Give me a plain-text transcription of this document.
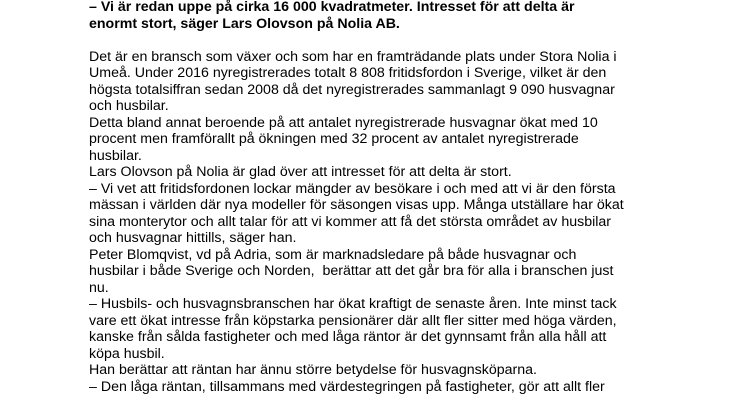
– Vi är redan uppe på cirka 16 000 kvadratmeter. Intresset för att delta är
enormt stort, säger Lars Olovson på Nolia AB.
Det är en bransch som växer och som har en framträdande plats under Stora Nolia i
Umeå. Under 2016 nyregistrerades totalt 8 808 fritidsfordon i Sverige, vilket är den
högsta totalsiffran sedan 2008 då det nyregistrerades sammanlagt 9 090 husvagnar
och husbilar.
Detta bland annat beroende på att antalet nyregistrerade husvagnar ökat med 10
procent men framförallt på ökningen med 32 procent av antalet nyregistrerade
husbilar.
Lars Olovson på Nolia är glad över att intresset för att delta är stort.
– Vi vet att fritidsfordonen lockar mängder av besökare i och med att vi är den första
mässan i världen där nya modeller för säsongen visas upp. Många utställare har ökat
sina monterytor och allt talar för att vi kommer att få det största området av husbilar
och husvagnar hittills, säger han.
Peter Blomqvist, vd på Adria, som är marknadsledare på både husvagnar och
husbilar i både Sverige och Norden,  berättar att det går bra för alla i branschen just
nu.
– Husbils- och husvagnsbranschen har ökat kraftigt de senaste åren. Inte minst tack
vare ett ökat intresse från köpstarka pensionärer där allt fler sitter med höga värden,
kanske från sålda fastigheter och med låga räntor är det gynnsamt från alla håll att
köpa husbil.
Han berättar att räntan har ännu större betydelse för husvagnsköparna.
– Den låga räntan, tillsammans med värdestegringen på fastigheter, gör att allt fler
